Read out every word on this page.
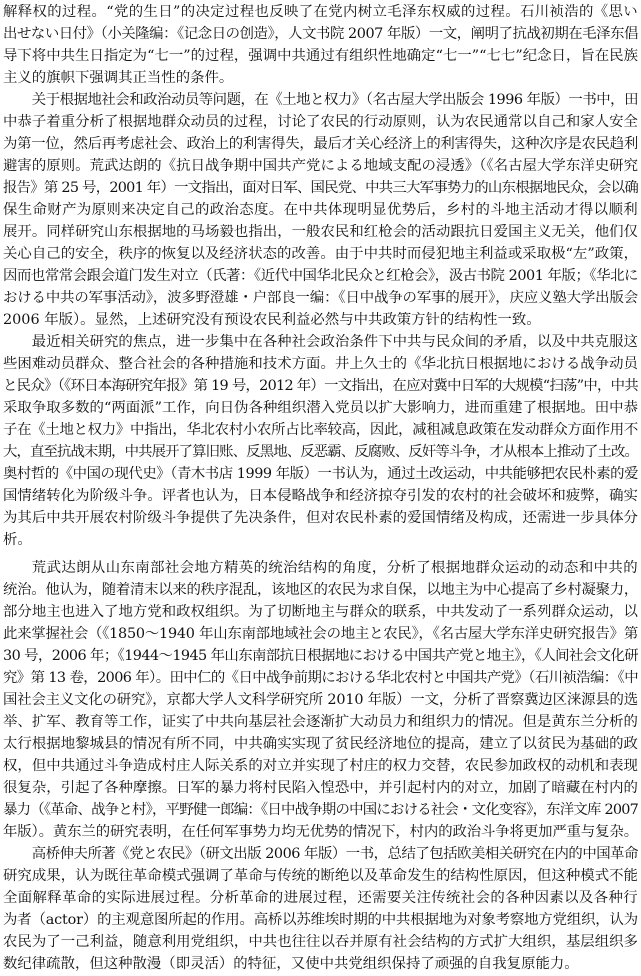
解释权的过程。“党的生日”的决定过程也反映了在党内树立毛泽东权威的过程。石川祯浩的《思い
出せない日付》（小关隆编：《记念日の创造》，人文书院 2007 年版）一文，阐明了抗战初期在毛泽东倡
导下将中共生日指定为“七一”的过程，强调中共通过有组织性地确定“七一”“七七”纪念日，旨在民族
主义的旗帜下强调其正当性的条件。
关于根据地社会和政治动员等问题，在《土地と权力》（名古屋大学出版会 1996 年版）一书中，田
中恭子着重分析了根据地群众动员的过程，讨论了农民的行动原则，认为农民通常以自己和家人安全
为第一位，然后再考虑社会、政治上的利害得失，最后才关心经济上的利害得失，这种次序是农民趋利
避害的原则。荒武达朗的《抗日战争期中国共产党による地域支配の浸透》（《名古屋大学东洋史研究
报告》第 25 号，2001 年）一文指出，面对日军、国民党、中共三大军事势力的山东根据地民众，会以确
保生命财产为原则来决定自己的政治态度。在中共体现明显优势后，乡村的斗地主活动才得以顺利
展开。同样研究山东根据地的马场毅也指出，一般农民和红枪会的活动跟抗日爱国主义无关，他们仅
关心自己的安全，秩序的恢复以及经济状态的改善。由于中共时而侵犯地主利益或采取极“左”政策，
因而也常常会跟会道门发生对立（氏著：《近代中国华北民众と红枪会》，汲古书院 2001 年版；《华北に
おける中共の军事活动》，波多野澄雄・户部良一编：《日中战争の军事的展开》，庆应义塾大学出版会
2006 年版）。显然，上述研究没有预设农民利益必然与中共政策方针的结构性一致。
最近相关研究的焦点，进一步集中在各种社会政治条件下中共与民众间的矛盾，以及中共克服这
些困难动员群众、整合社会的各种措施和技术方面。井上久士的《华北抗日根据地における战争动员
と民众》（《环日本海研究年报》第 19 号，2012 年）一文指出，在应对冀中日军的大规模“扫荡”中，中共
采取争取多数的“两面派”工作，向日伪各种组织潜入党员以扩大影响力，进而重建了根据地。田中恭
子在《土地と权力》中指出，华北农村小农所占比率较高，因此，减租减息政策在发动群众方面作用不
大，直至抗战末期，中共展开了算旧账、反黑地、反恶霸、反腐败、反奸等斗争，才从根本上推动了土改。
奥村哲的《中国の现代史》（青木书店 1999 年版）一书认为，通过土改运动，中共能够把农民朴素的爱
国情绪转化为阶级斗争。评者也认为，日本侵略战争和经济掠夺引发的农村的社会破坏和疲弊，确实
为其后中共开展农村阶级斗争提供了先决条件，但对农民朴素的爱国情绪及构成，还需进一步具体分
析。
荒武达朗从山东南部社会地方精英的统治结构的角度，分析了根据地群众运动的动态和中共的
统治。他认为，随着清末以来的秩序混乱，该地区的农民为求自保，以地主为中心提高了乡村凝聚力，
部分地主也进入了地方党和政权组织。为了切断地主与群众的联系，中共发动了一系列群众运动，以
此来掌握社会（《1850～1940 年山东南部地域社会の地主と农民》，《名古屋大学东洋史研究报告》第
30 号，2006 年；《1944～1945 年山东南部抗日根据地における中国共产党と地主》，《人间社会文化研
究》第 13 卷，2006 年）。田中仁的《日中战争前期における华北农村と中国共产党》（石川祯浩编：《中
国社会主义文化の研究》，京都大学人文科学研究所 2010 年版）一文，分析了晋察冀边区涞源县的选
举、扩军、教育等工作，证实了中共向基层社会逐渐扩大动员力和组织力的情况。但是黄东兰分析的
太行根据地黎城县的情况有所不同，中共确实实现了贫民经济地位的提高，建立了以贫民为基础的政
权，但中共通过斗争造成村庄人际关系的对立并实现了村庄的权力交替，农民参加政权的动机和表现
很复杂，引起了各种摩擦。日军的暴力将村民陷入惶恐中，并引起村内的对立，加剧了暗藏在村内的
暴力（《革命、战争と村》，平野健一郎编：《日中战争期の中国における社会・文化变容》，东洋文库 2007
年版）。黄东兰的研究表明，在任何军事势力均无优势的情况下，村内的政治斗争将更加严重与复杂。
高桥伸夫所著《党と农民》（研文出版 2006 年版）一书，总结了包括欧美相关研究在内的中国革命
研究成果，认为既往革命模式强调了革命与传统的断绝以及革命发生的结构性原因，但这种模式不能
全面解释革命的实际进展过程。分析革命的进展过程，还需要关注传统社会的各种因素以及各种行
为者（actor）的主观意图所起的作用。高桥以苏维埃时期的中共根据地为对象考察地方党组织，认为
农民为了一己利益，随意利用党组织，中共也往往以吞并原有社会结构的方式扩大组织，基层组织多
数纪律疏散，但这种散漫（即灵活）的特征，又使中共党组织保持了顽强的自我复原能力。
